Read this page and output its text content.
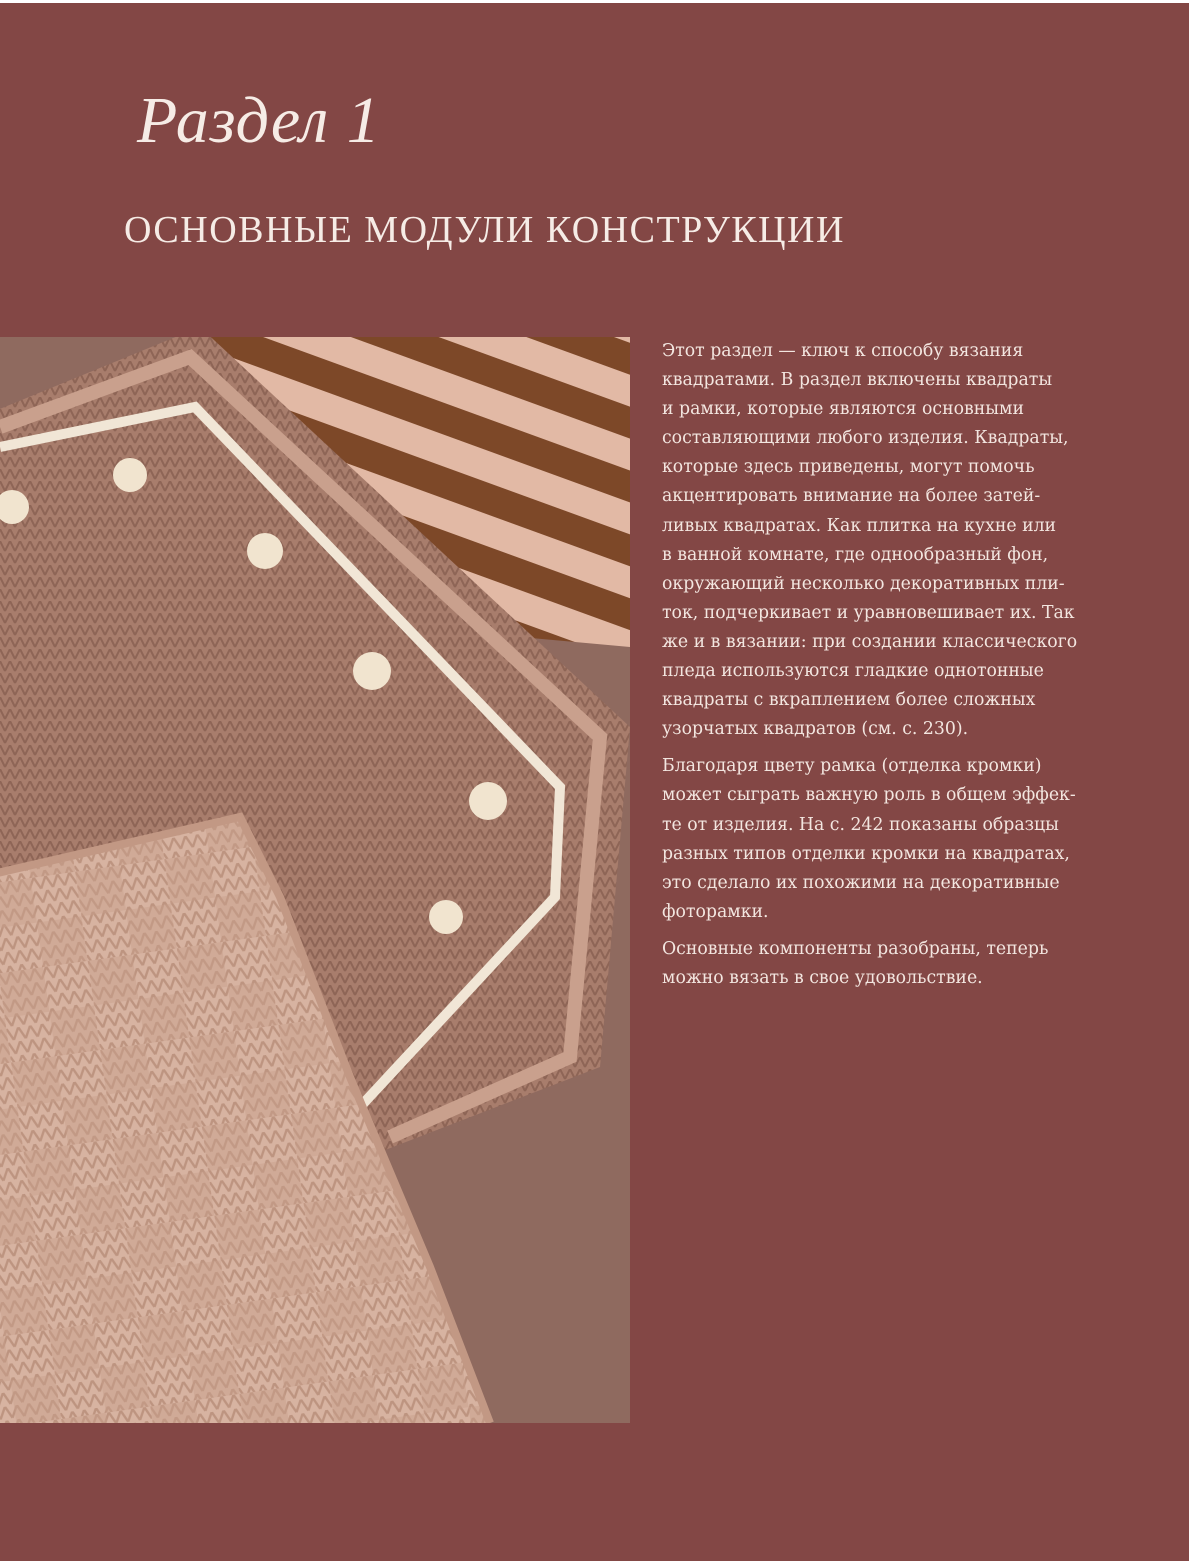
Раздел 1
ОСНОВНЫЕ МОДУЛИ КОНСТРУКЦИИ

Этот раздел — ключ к способу вязания
квадратами. В раздел включены квадраты
и рамки, которые являются основными
составляющими любого изделия. Квадраты,
которые здесь приведены, могут помочь
акцентировать внимание на более затей-
ливых квадратах. Как плитка на кухне или
в ванной комнате, где однообразный фон,
окружающий несколько декоративных пли-
ток, подчеркивает и уравновешивает их. Так
же и в вязании: при создании классического
пледа используются гладкие однотонные
квадраты с вкраплением более сложных
узорчатых квадратов (см. с. 230).

Благодаря цвету рамка (отделка кромки)
может сыграть важную роль в общем эффек-
те от изделия. На с. 242 показаны образцы
разных типов отделки кромки на квадратах,
это сделало их похожими на декоративные
фоторамки.

Основные компоненты разобраны, теперь
можно вязать в свое удовольствие.
